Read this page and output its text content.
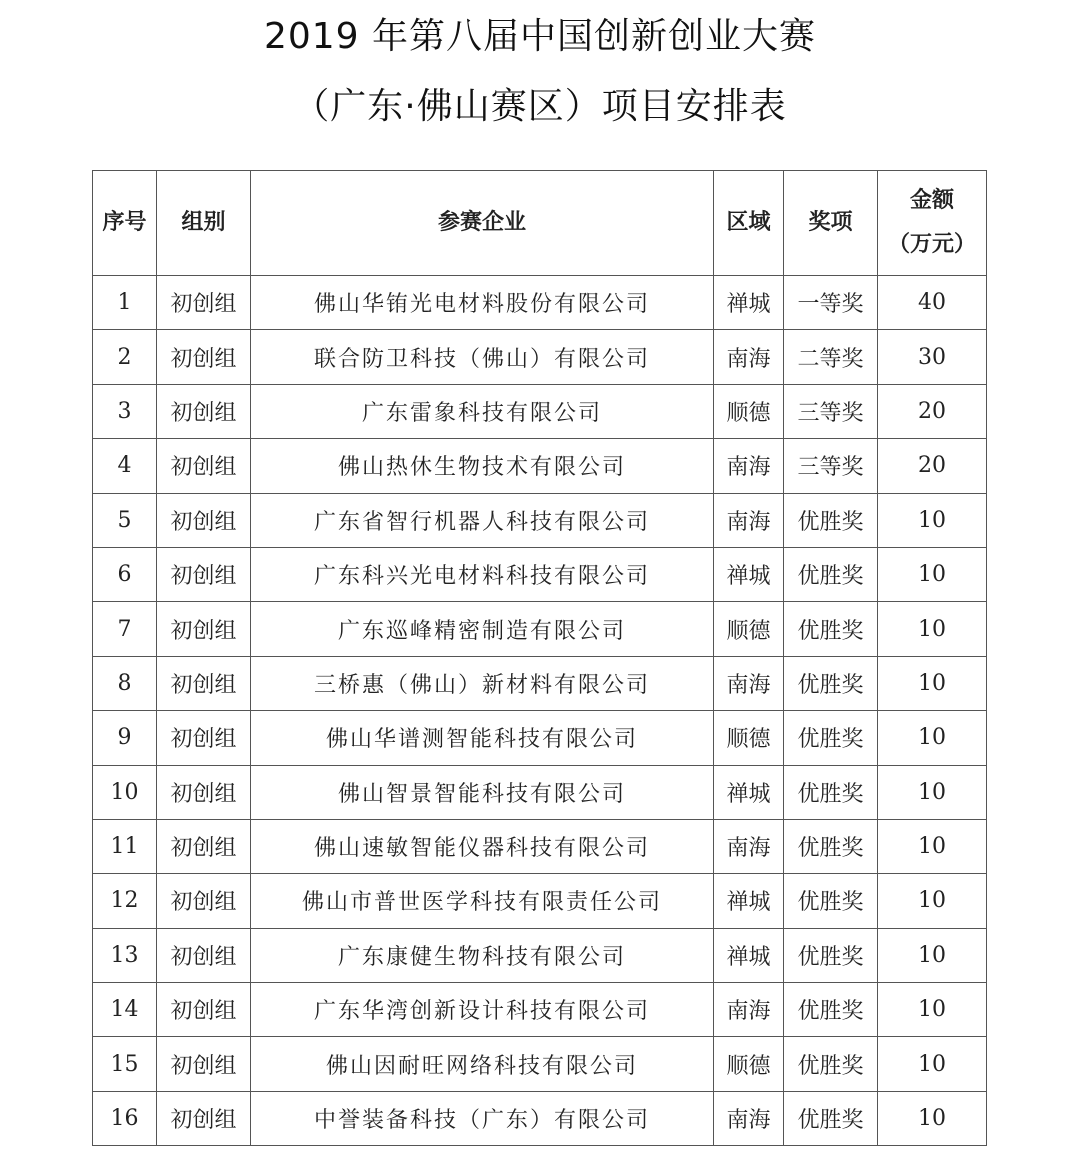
2019 年第八届中国创新创业大赛
（广东·佛山赛区）项目安排表
序号	组别	参赛企业	区域	奖项	金额
（万元）

1	初创组	佛山华铕光电材料股份有限公司	禅城	一等奖	40
2	初创组	联合防卫科技（佛山）有限公司	南海	二等奖	30
3	初创组	广东雷象科技有限公司	顺德	三等奖	20
4	初创组	佛山热休生物技术有限公司	南海	三等奖	20
5	初创组	广东省智行机器人科技有限公司	南海	优胜奖	10
6	初创组	广东科兴光电材料科技有限公司	禅城	优胜奖	10
7	初创组	广东巡峰精密制造有限公司	顺德	优胜奖	10
8	初创组	三桥惠（佛山）新材料有限公司	南海	优胜奖	10
9	初创组	佛山华谱测智能科技有限公司	顺德	优胜奖	10
10	初创组	佛山智景智能科技有限公司	禅城	优胜奖	10
11	初创组	佛山速敏智能仪器科技有限公司	南海	优胜奖	10
12	初创组	佛山市普世医学科技有限责任公司	禅城	优胜奖	10
13	初创组	广东康健生物科技有限公司	禅城	优胜奖	10
14	初创组	广东华湾创新设计科技有限公司	南海	优胜奖	10
15	初创组	佛山因耐旺网络科技有限公司	顺德	优胜奖	10
16	初创组	中誉装备科技（广东）有限公司	南海	优胜奖	10
